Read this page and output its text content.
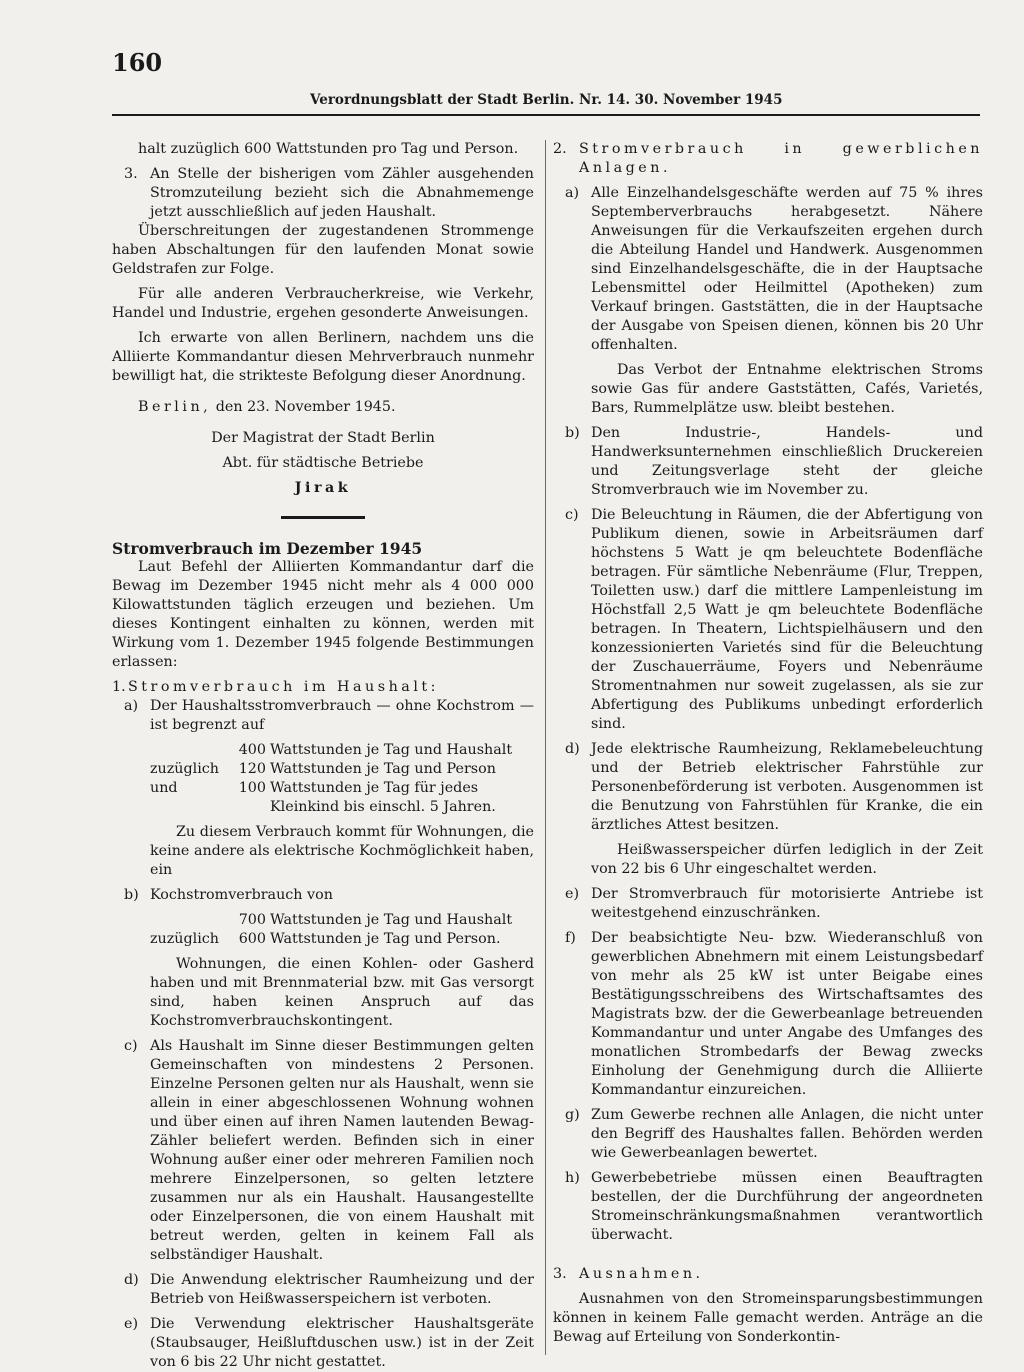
160
Verordnungsblatt der Stadt Berlin. Nr. 14. 30. November 1945

halt zuzüglich 600 Wattstunden pro Tag und Person.

3. An Stelle der bisherigen vom Zähler ausgehenden Stromzuteilung bezieht sich die Abnahmemenge jetzt ausschließlich auf jeden Haushalt.

Überschreitungen der zugestandenen Strommenge haben Abschaltungen für den laufenden Monat sowie Geldstrafen zur Folge.

Für alle anderen Verbraucherkreise, wie Verkehr, Handel und Industrie, ergehen gesonderte Anweisungen.

Ich erwarte von allen Berlinern, nachdem uns die Alliierte Kommandantur diesen Mehrverbrauch nunmehr bewilligt hat, die strikteste Befolgung dieser Anordnung.

Berlin, den 23. November 1945.

Der Magistrat der Stadt Berlin

Abt. für städtische Betriebe

Jirak

Stromverbrauch im Dezember 1945

Laut Befehl der Alliierten Kommandantur darf die Bewag im Dezember 1945 nicht mehr als 4 000 000 Kilowattstunden täglich erzeugen und beziehen. Um dieses Kontingent einhalten zu können, werden mit Wirkung vom 1. Dezember 1945 folgende Bestimmungen erlassen:

1. Stromverbrauch im Haushalt:

a) Der Haushaltsstromverbrauch — ohne Kochstrom — ist begrenzt auf

400 Wattstunden je Tag und Haushalt
zuzüglich	120 Wattstunden je Tag und Person
und	100 Wattstunden je Tag für jedes Kleinkind bis einschl. 5 Jahren.

Zu diesem Verbrauch kommt für Wohnungen, die keine andere als elektrische Kochmöglichkeit haben, ein

b) Kochstromverbrauch von

700 Wattstunden je Tag und Haushalt
zuzüglich	600 Wattstunden je Tag und Person.

Wohnungen, die einen Kohlen- oder Gasherd haben und mit Brennmaterial bzw. mit Gas versorgt sind, haben keinen Anspruch auf das Kochstromverbrauchskontingent.

c) Als Haushalt im Sinne dieser Bestimmungen gelten Gemeinschaften von mindestens 2 Personen. Einzelne Personen gelten nur als Haushalt, wenn sie allein in einer abgeschlossenen Wohnung wohnen und über einen auf ihren Namen lautenden Bewag-Zähler beliefert werden. Befinden sich in einer Wohnung außer einer oder mehreren Familien noch mehrere Einzelpersonen, so gelten letztere zusammen nur als ein Haushalt. Hausangestellte oder Einzelpersonen, die von einem Haushalt mit betreut werden, gelten in keinem Fall als selbständiger Haushalt.

d) Die Anwendung elektrischer Raumheizung und der Betrieb von Heißwasserspeichern ist verboten.

e) Die Verwendung elektrischer Haushaltsgeräte (Staubsauger, Heißluftduschen usw.) ist in der Zeit von 6 bis 22 Uhr nicht gestattet.

2. Stromverbrauch in gewerblichen Anlagen.

a) Alle Einzelhandelsgeschäfte werden auf 75 % ihres Septemberverbrauchs herabgesetzt. Nähere Anweisungen für die Verkaufszeiten ergehen durch die Abteilung Handel und Handwerk. Ausgenommen sind Einzelhandelsgeschäfte, die in der Hauptsache Lebensmittel oder Heilmittel (Apotheken) zum Verkauf bringen. Gaststätten, die in der Hauptsache der Ausgabe von Speisen dienen, können bis 20 Uhr offenhalten.

Das Verbot der Entnahme elektrischen Stroms sowie Gas für andere Gaststätten, Cafés, Varietés, Bars, Rummelplätze usw. bleibt bestehen.

b) Den Industrie-, Handels- und Handwerksunternehmen einschließlich Druckereien und Zeitungsverlage steht der gleiche Stromverbrauch wie im November zu.

c) Die Beleuchtung in Räumen, die der Abfertigung von Publikum dienen, sowie in Arbeitsräumen darf höchstens 5 Watt je qm beleuchtete Bodenfläche betragen. Für sämtliche Nebenräume (Flur, Treppen, Toiletten usw.) darf die mittlere Lampenleistung im Höchstfall 2,5 Watt je qm beleuchtete Bodenfläche betragen. In Theatern, Lichtspielhäusern und den konzessionierten Varietés sind für die Beleuchtung der Zuschauerräume, Foyers und Nebenräume Stromentnahmen nur soweit zugelassen, als sie zur Abfertigung des Publikums unbedingt erforderlich sind.

d) Jede elektrische Raumheizung, Reklamebeleuchtung und der Betrieb elektrischer Fahrstühle zur Personenbeförderung ist verboten. Ausgenommen ist die Benutzung von Fahrstühlen für Kranke, die ein ärztliches Attest besitzen.

Heißwasserspeicher dürfen lediglich in der Zeit von 22 bis 6 Uhr eingeschaltet werden.

e) Der Stromverbrauch für motorisierte Antriebe ist weitestgehend einzuschränken.

f) Der beabsichtigte Neu- bzw. Wiederanschluß von gewerblichen Abnehmern mit einem Leistungsbedarf von mehr als 25 kW ist unter Beigabe eines Bestätigungsschreibens des Wirtschaftsamtes des Magistrats bzw. der die Gewerbeanlage betreuenden Kommandantur und unter Angabe des Umfanges des monatlichen Strombedarfs der Bewag zwecks Einholung der Genehmigung durch die Alliierte Kommandantur einzureichen.

g) Zum Gewerbe rechnen alle Anlagen, die nicht unter den Begriff des Haushaltes fallen. Behörden werden wie Gewerbeanlagen bewertet.

h) Gewerbebetriebe müssen einen Beauftragten bestellen, der die Durchführung der angeordneten Stromeinschränkungsmaßnahmen verantwortlich überwacht.

3. Ausnahmen.

Ausnahmen von den Stromeinsparungsbestimmungen können in keinem Falle gemacht werden. Anträge an die Bewag auf Erteilung von Sonderkontin-
